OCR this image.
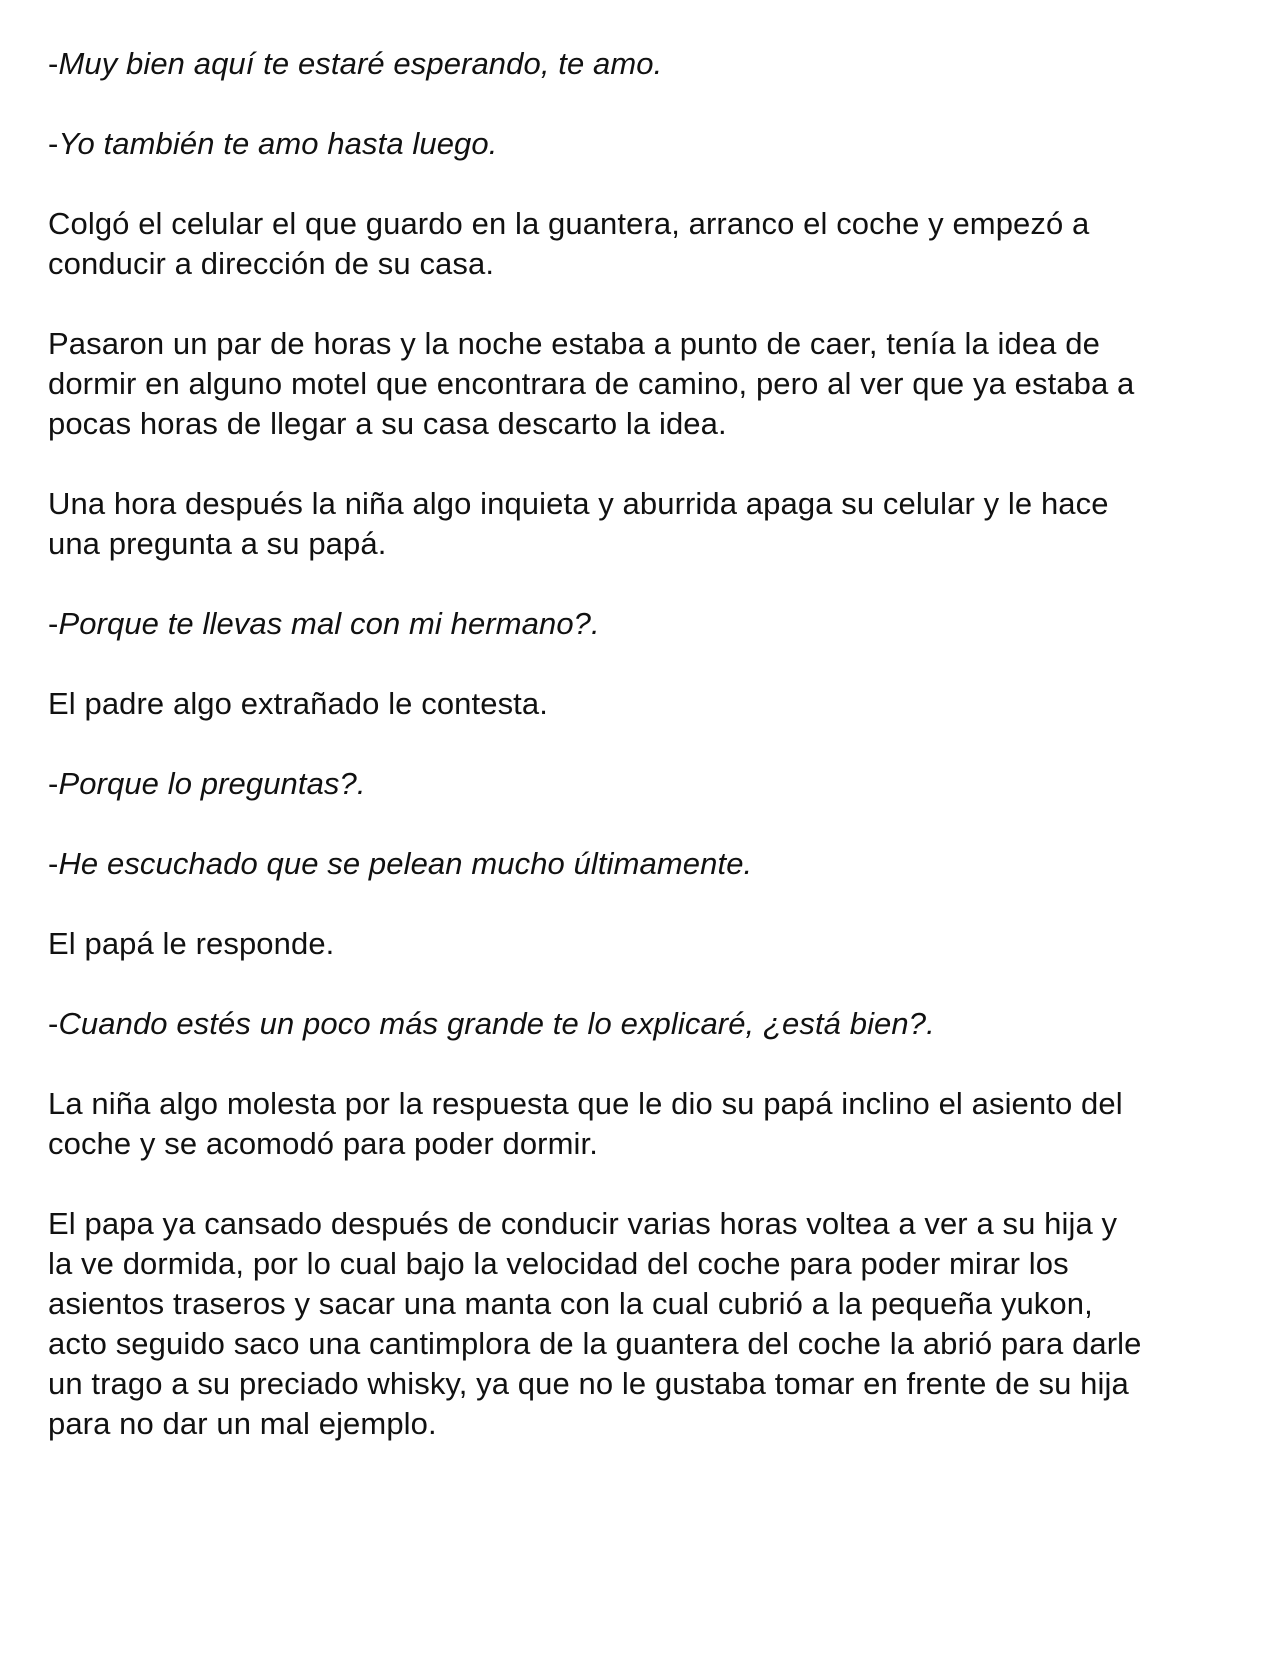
-Muy bien aquí te estaré esperando, te amo.

-Yo también te amo hasta luego.

Colgó el celular el que guardo en la guantera, arranco el coche y empezó a
conducir a dirección de su casa.

Pasaron un par de horas y la noche estaba a punto de caer, tenía la idea de
dormir en alguno motel que encontrara de camino, pero al ver que ya estaba a
pocas horas de llegar a su casa descarto la idea.

Una hora después la niña algo inquieta y aburrida apaga su celular y le hace
una pregunta a su papá.

-Porque te llevas mal con mi hermano?.

El padre algo extrañado le contesta.

-Porque lo preguntas?.

-He escuchado que se pelean mucho últimamente.

El papá le responde.

-Cuando estés un poco más grande te lo explicaré, ¿está bien?.

La niña algo molesta por la respuesta que le dio su papá inclino el asiento del
coche y se acomodó para poder dormir.

El papa ya cansado después de conducir varias horas voltea a ver a su hija y
la ve dormida, por lo cual bajo la velocidad del coche para poder mirar los
asientos traseros y sacar una manta con la cual cubrió a la pequeña yukon,
acto seguido saco una cantimplora de la guantera del coche la abrió para darle
un trago a su preciado whisky, ya que no le gustaba tomar en frente de su hija
para no dar un mal ejemplo.
